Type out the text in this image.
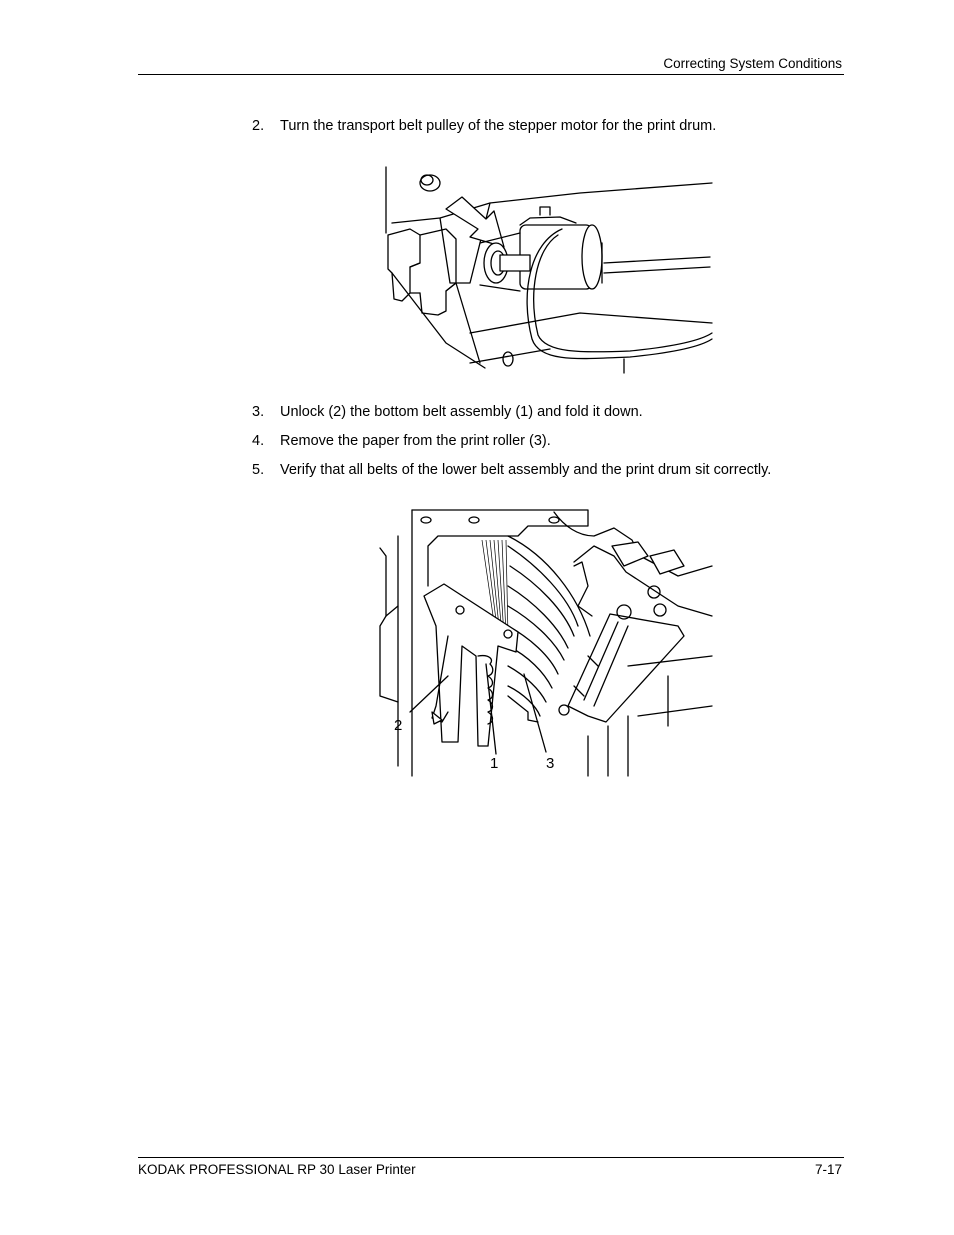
Correcting System Conditions
2. Turn the transport belt pulley of the stepper motor for the print drum.
3. Unlock (2) the bottom belt assembly (1) and fold it down.
4. Remove the paper from the print roller (3).
5. Verify that all belts of the lower belt assembly and the print drum sit correctly.
2
1	3
KODAK PROFESSIONAL RP 30 Laser Printer	7-17
